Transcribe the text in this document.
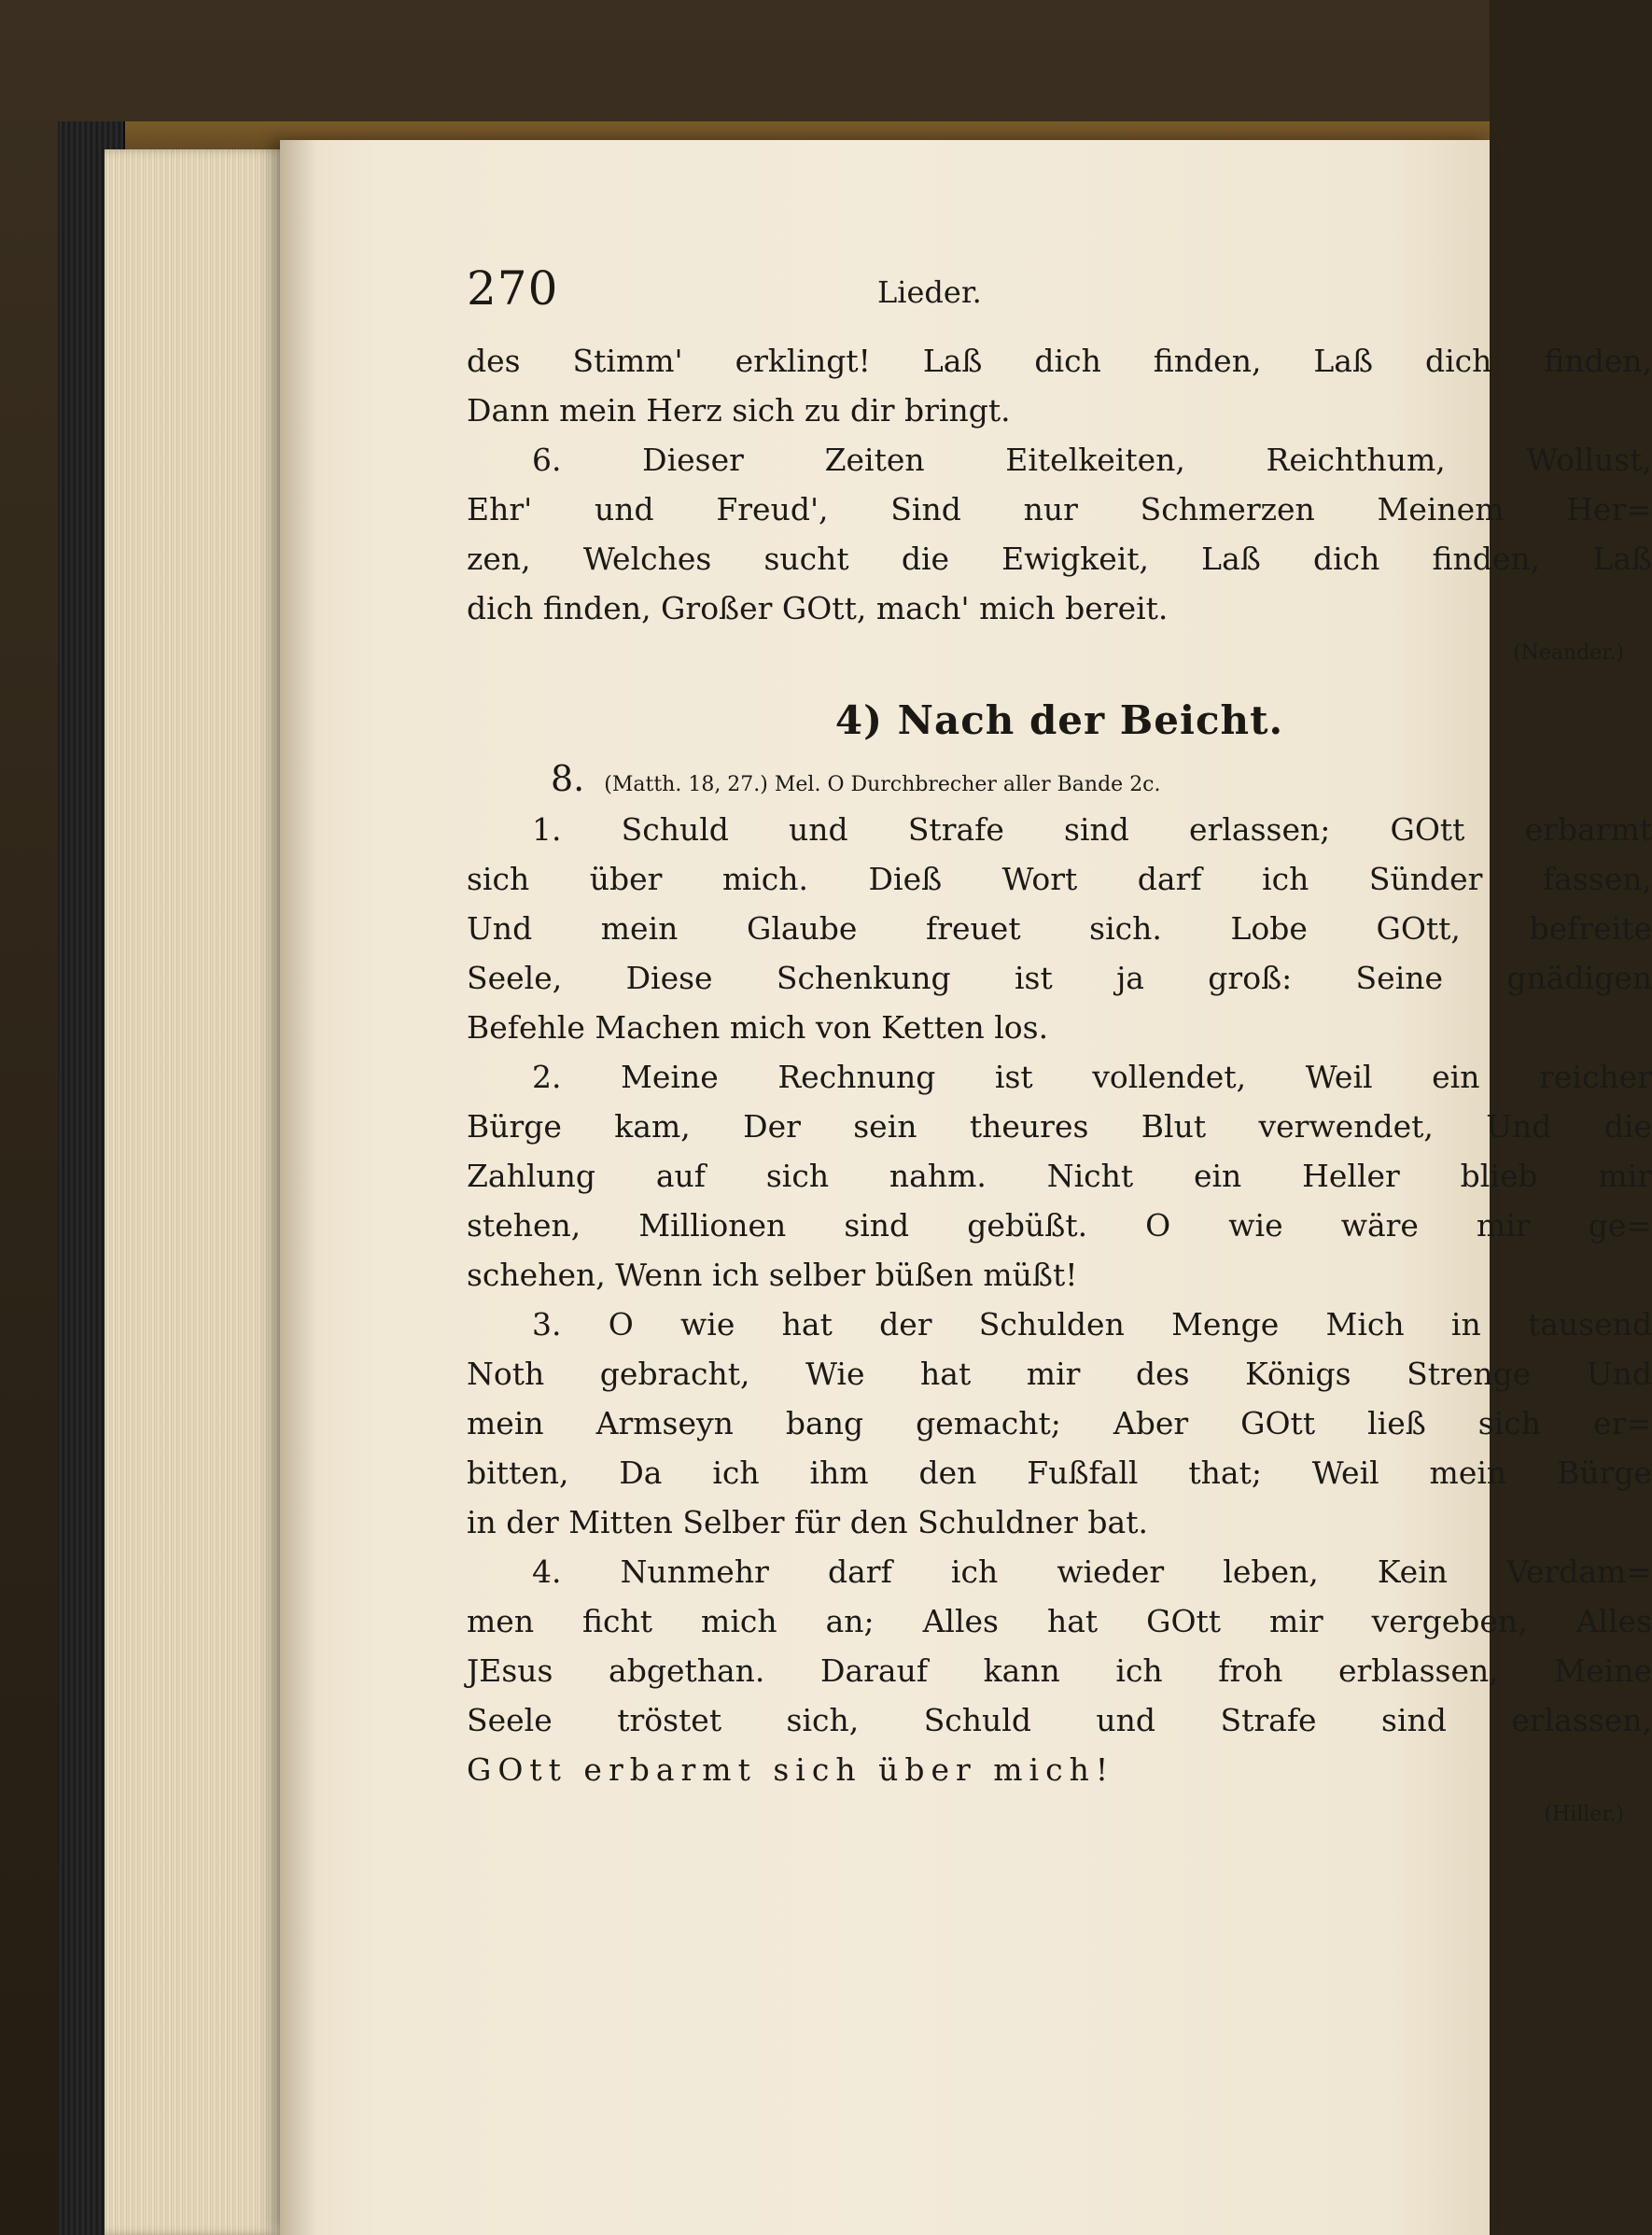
270	Lieder.
des Stimm' erklingt! Laß dich finden, Laß dich finden,
Dann mein Herz sich zu dir bringt.
6. Dieser Zeiten Eitelkeiten, Reichthum, Wollust,
Ehr' und Freud', Sind nur Schmerzen Meinem Her=
zen, Welches sucht die Ewigkeit, Laß dich finden, Laß
dich finden, Großer GOtt, mach' mich bereit.
(Neander.)
4) Nach der Beicht.
8. (Matth. 18, 27.) Mel. O Durchbrecher aller Bande 2c.
1. Schuld und Strafe sind erlassen; GOtt erbarmt
sich über mich. Dieß Wort darf ich Sünder fassen,
Und mein Glaube freuet sich. Lobe GOtt, befreite
Seele, Diese Schenkung ist ja groß: Seine gnädigen
Befehle Machen mich von Ketten los.
2. Meine Rechnung ist vollendet, Weil ein reicher
Bürge kam, Der sein theures Blut verwendet, Und die
Zahlung auf sich nahm. Nicht ein Heller blieb mir
stehen, Millionen sind gebüßt. O wie wäre mir ge=
schehen, Wenn ich selber büßen müßt!
3. O wie hat der Schulden Menge Mich in tausend
Noth gebracht, Wie hat mir des Königs Strenge Und
mein Armseyn bang gemacht; Aber GOtt ließ sich er=
bitten, Da ich ihm den Fußfall that; Weil mein Bürge
in der Mitten Selber für den Schuldner bat.
4. Nunmehr darf ich wieder leben, Kein Verdam=
men ficht mich an; Alles hat GOtt mir vergeben, Alles
JEsus abgethan. Darauf kann ich froh erblassen, Meine
Seele tröstet sich, Schuld und Strafe sind erlassen,
GOtt erbarmt sich über mich!
(Hiller.)
